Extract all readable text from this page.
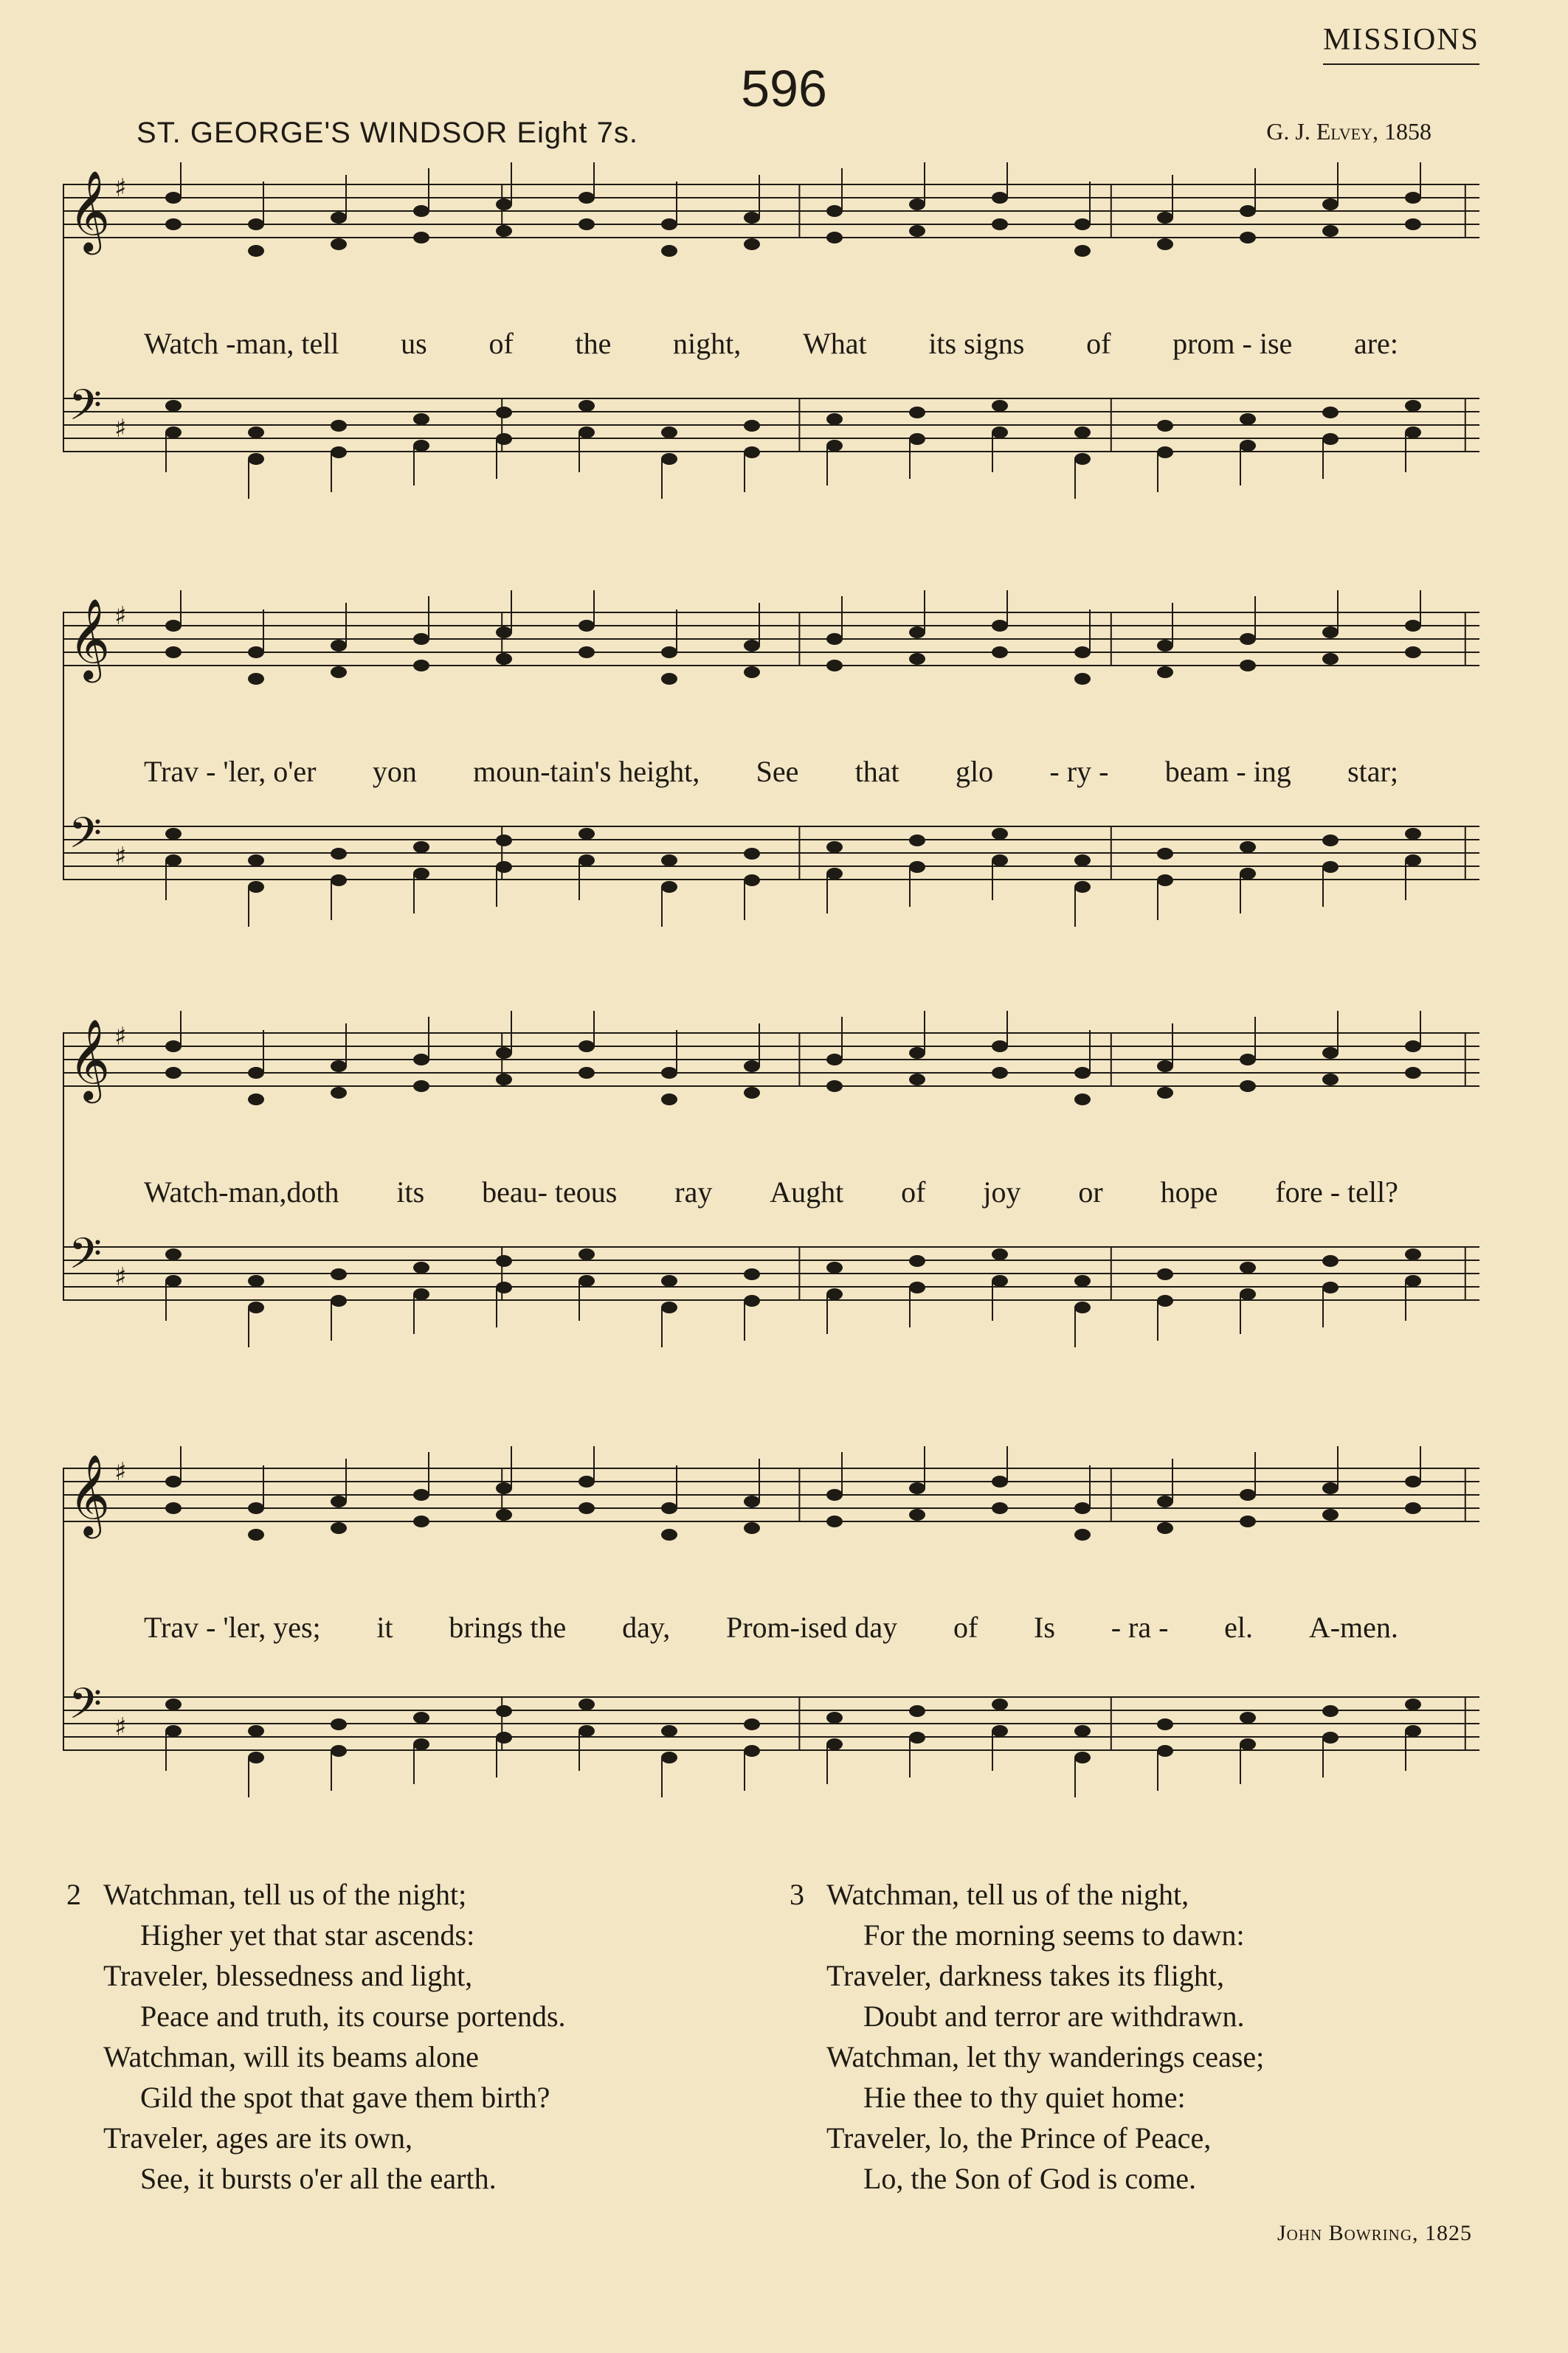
MISSIONS
596
ST. GEORGE'S WINDSOR Eight 7s.	G. J. Elvey, 1858
𝄞 ♯
𝄢 ♯
Watch -man, tell us of the night, What its signs of prom - ise are:
𝄞 ♯
𝄢 ♯
Trav - 'ler, o'er yon moun-tain's height, See that glo - ry - beam - ing star;
𝄞 ♯
𝄢 ♯
Watch-man,doth its beau- teous ray Aught of joy or hope fore - tell?
𝄞 ♯
𝄢 ♯
Trav - 'ler, yes; it brings the day, Prom-ised day of Is - ra - el. A-men.
2 Watchman, tell us of the night;
Higher yet that star ascends:
Traveler, blessedness and light,
Peace and truth, its course portends.
Watchman, will its beams alone
Gild the spot that gave them birth?
Traveler, ages are its own,
See, it bursts o'er all the earth.
3 Watchman, tell us of the night,
For the morning seems to dawn:
Traveler, darkness takes its flight,
Doubt and terror are withdrawn.
Watchman, let thy wanderings cease;
Hie thee to thy quiet home:
Traveler, lo, the Prince of Peace,
Lo, the Son of God is come.
John Bowring, 1825
